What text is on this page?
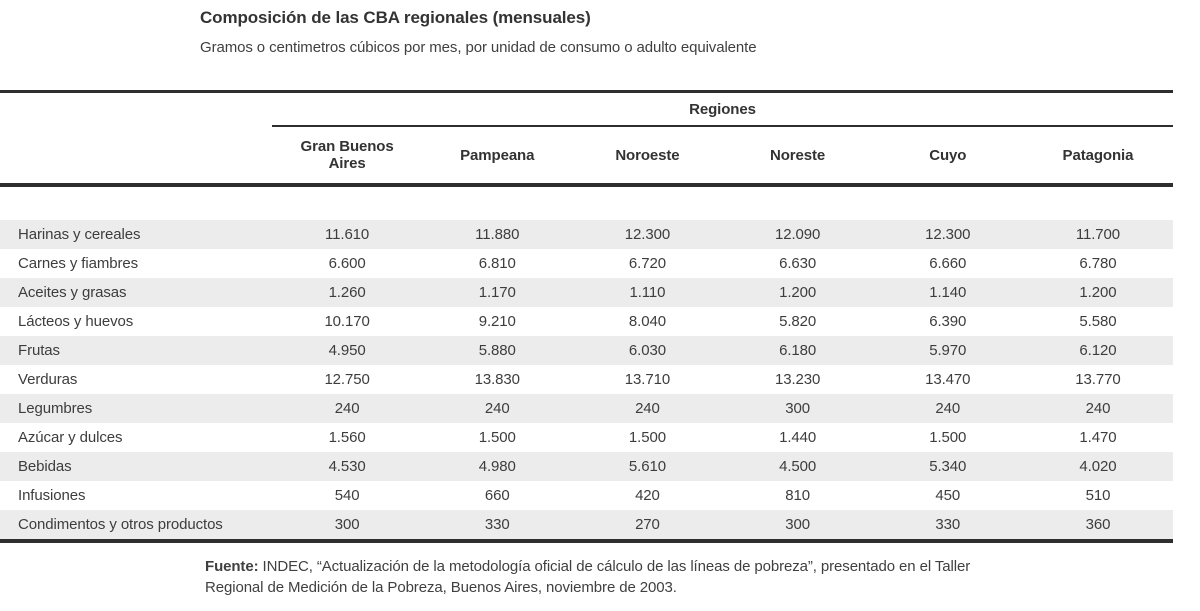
Composición de las CBA regionales (mensuales)
Gramos o centimetros cúbicos por mes, por unidad de consumo o adulto equivalente
Regiones
Gran Buenos Aires	Pampeana	Noroeste	Noreste	Cuyo	Patagonia
Harinas y cereales	11.610	11.880	12.300	12.090	12.300	11.700
Carnes y fiambres	6.600	6.810	6.720	6.630	6.660	6.780
Aceites y grasas	1.260	1.170	1.110	1.200	1.140	1.200
Lácteos y huevos	10.170	9.210	8.040	5.820	6.390	5.580
Frutas	4.950	5.880	6.030	6.180	5.970	6.120
Verduras	12.750	13.830	13.710	13.230	13.470	13.770
Legumbres	240	240	240	300	240	240
Azúcar y dulces	1.560	1.500	1.500	1.440	1.500	1.470
Bebidas	4.530	4.980	5.610	4.500	5.340	4.020
Infusiones	540	660	420	810	450	510
Condimentos y otros productos	300	330	270	300	330	360
Fuente: INDEC, “Actualización de la metodología oficial de cálculo de las líneas de pobreza”, presentado en el Taller
Regional de Medición de la Pobreza, Buenos Aires, noviembre de 2003.
